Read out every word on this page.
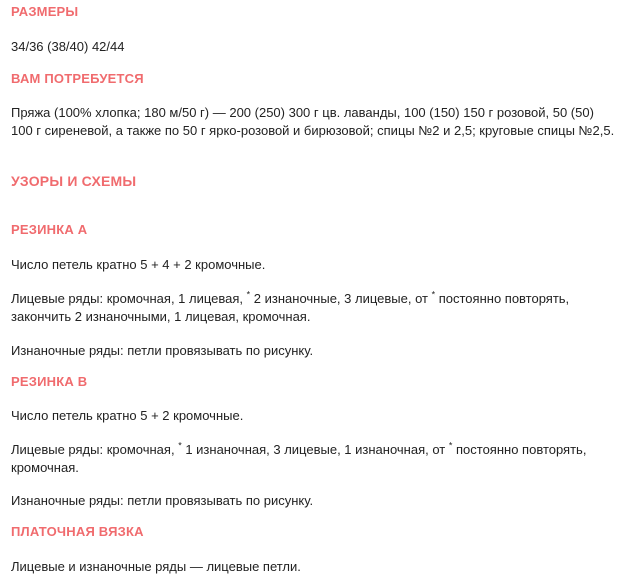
РАЗМЕРЫ
34/36 (38/40) 42/44
ВАМ ПОТРЕБУЕТСЯ
Пряжа (100% хлопка; 180 м/50 г) — 200 (250) 300 г цв. лаванды, 100 (150) 150 г розовой, 50 (50) 100 г сиреневой, а также по 50 г ярко-розовой и бирюзовой; спицы №2 и 2,5; круговые спицы №2,5.
УЗОРЫ И СХЕМЫ
РЕЗИНКА А
Число петель кратно 5 + 4 + 2 кромочные.
Лицевые ряды: кромочная, 1 лицевая, * 2 изнаночные, 3 лицевые, от * постоянно повторять, закончить 2 изнаночными, 1 лицевая, кромочная.
Изнаночные ряды: петли провязывать по рисунку.
РЕЗИНКА В
Число петель кратно 5 + 2 кромочные.
Лицевые ряды: кромочная, * 1 изнаночная, 3 лицевые, 1 изнаночная, от * постоянно повторять, кромочная.
Изнаночные ряды: петли провязывать по рисунку.
ПЛАТОЧНАЯ ВЯЗКА
Лицевые и изнаночные ряды — лицевые петли.
